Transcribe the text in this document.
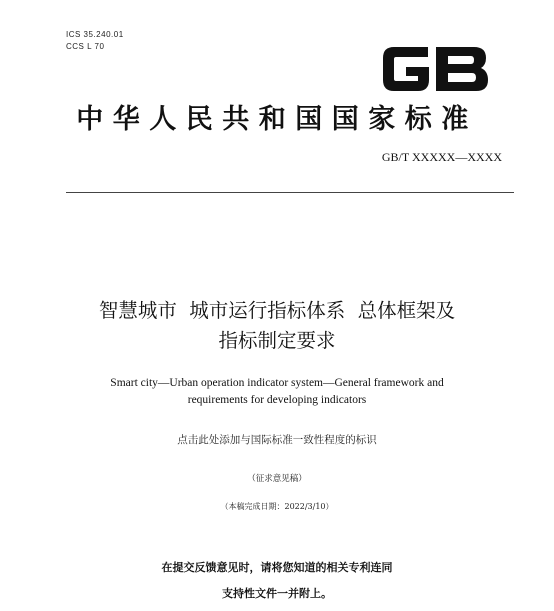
ICS 35.240.01
CCS L 70
中华人民共和国国家标准
GB/T XXXXX—XXXX
智慧城市  城市运行指标体系  总体框架及
指标制定要求
Smart city—Urban operation indicator system—General framework and
requirements for developing indicators
点击此处添加与国际标准一致性程度的标识
（征求意见稿）
（本稿完成日期：2022/3/10）
在提交反馈意见时，请将您知道的相关专利连同
支持性文件一并附上。
